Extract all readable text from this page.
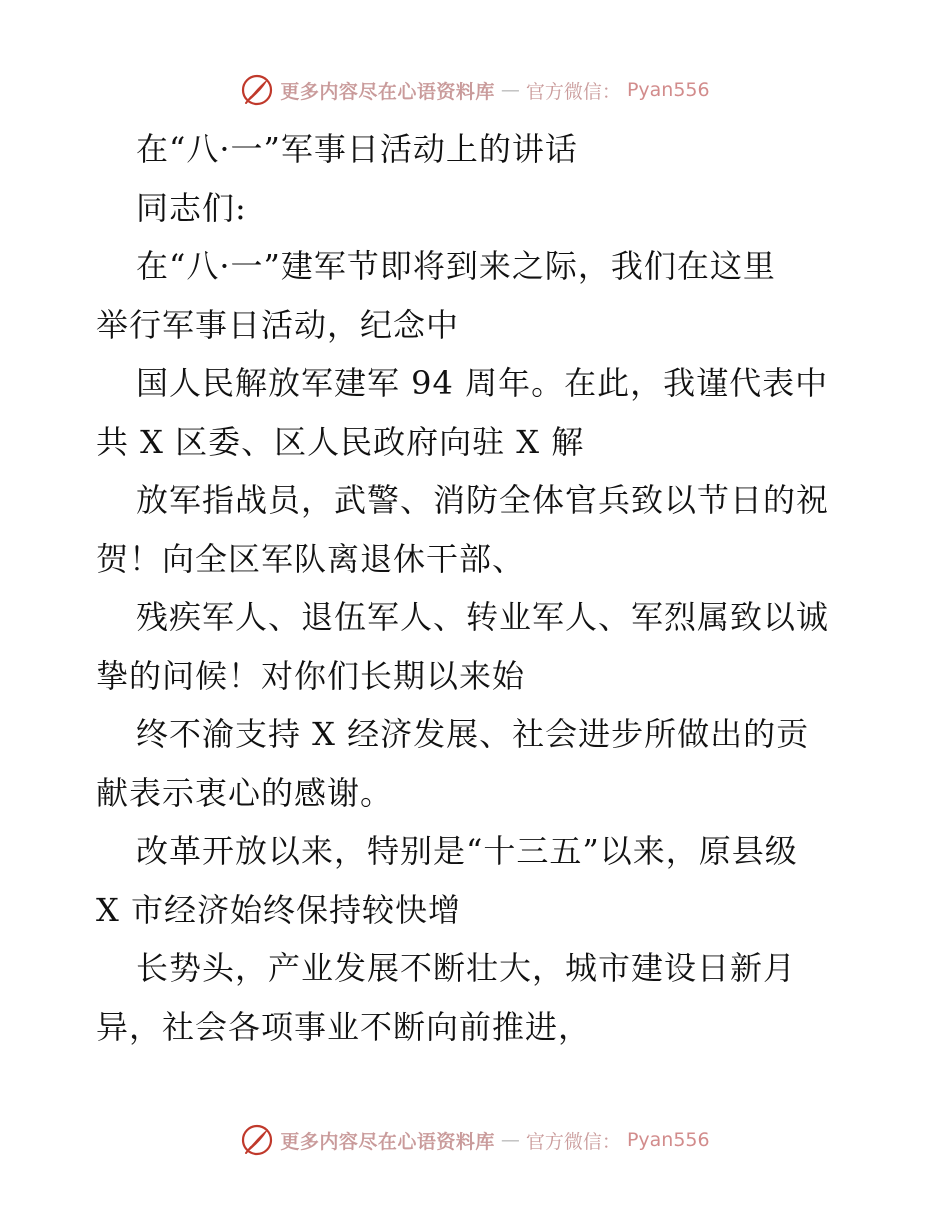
更多内容尽在心语资料库 — 官方微信： Pyan556
在“八·一”军事日活动上的讲话
同志们:
在“八·一”建军节即将到来之际，我们在这里
举行军事日活动，纪念中
国人民解放军建军 94 周年。在此，我谨代表中
共 X 区委、区人民政府向驻 X 解
放军指战员，武警、消防全体官兵致以节日的祝
贺！向全区军队离退休干部、
残疾军人、退伍军人、转业军人、军烈属致以诚
挚的问候！对你们长期以来始
终不渝支持 X 经济发展、社会进步所做出的贡
献表示衷心的感谢。
改革开放以来，特别是“十三五”以来，原县级
X 市经济始终保持较快增
长势头，产业发展不断壮大，城市建设日新月
异，社会各项事业不断向前推进，
更多内容尽在心语资料库 — 官方微信： Pyan556
